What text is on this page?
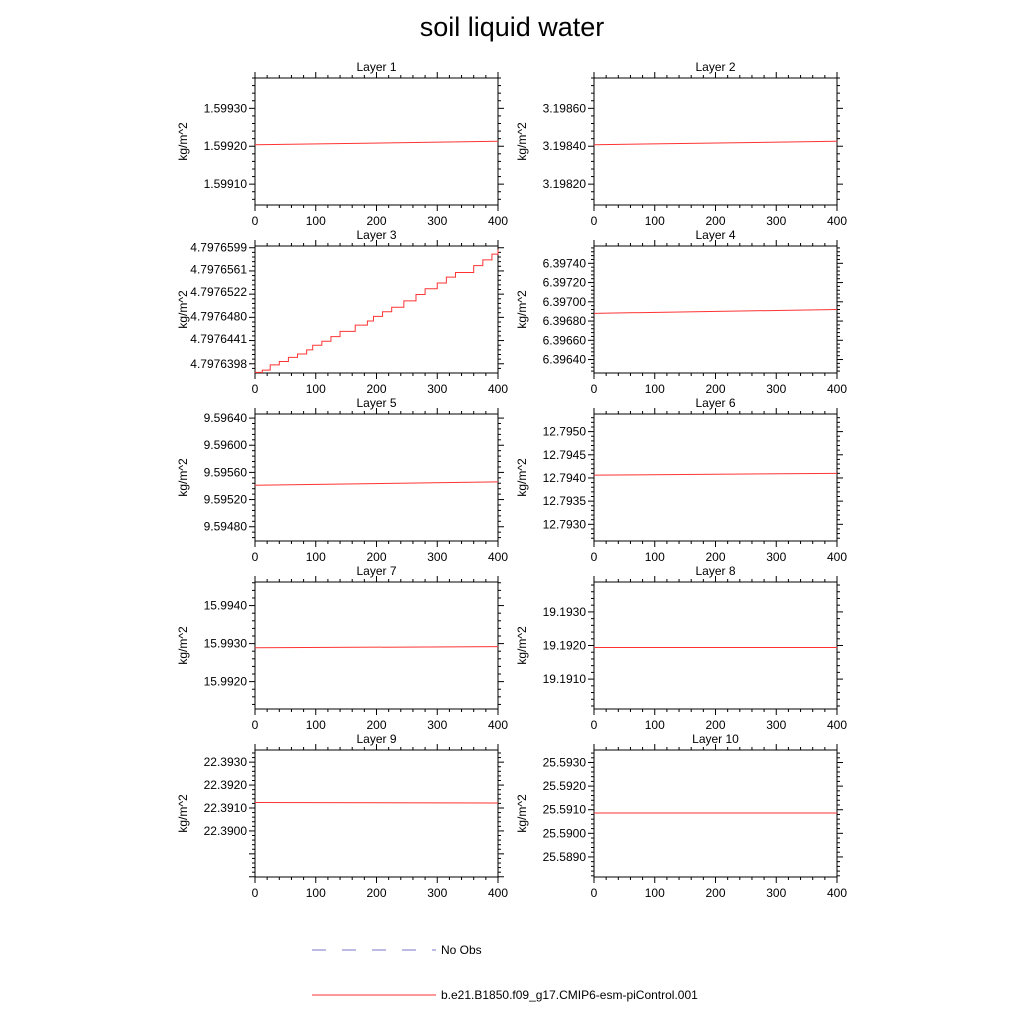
soil liquid water
Layer 1
kg/m^2
0	100	200	300	400
1.59910
1.59920
1.59930
Layer 2
kg/m^2
0	100	200	300	400
3.19820
3.19840
3.19860
Layer 3
kg/m^2
0	100	200	300	400
4.7976398
4.7976441
4.7976480
4.7976522
4.7976561
4.7976599
Layer 4
kg/m^2
0	100	200	300	400
6.39640
6.39660
6.39680
6.39700
6.39720
6.39740
Layer 5
kg/m^2
0	100	200	300	400
9.59480
9.59520
9.59560
9.59600
9.59640
Layer 6
kg/m^2
0	100	200	300	400
12.7930
12.7935
12.7940
12.7945
12.7950
Layer 7
kg/m^2
0	100	200	300	400
15.9920
15.9930
15.9940
Layer 8
kg/m^2
0	100	200	300	400
19.1910
19.1920
19.1930
Layer 9
kg/m^2
0	100	200	300	400
22.3900
22.3910
22.3920
22.3930
Layer 10
kg/m^2
0	100	200	300	400
25.5890
25.5900
25.5910
25.5920
25.5930
No Obs
b.e21.B1850.f09_g17.CMIP6-esm-piControl.001
